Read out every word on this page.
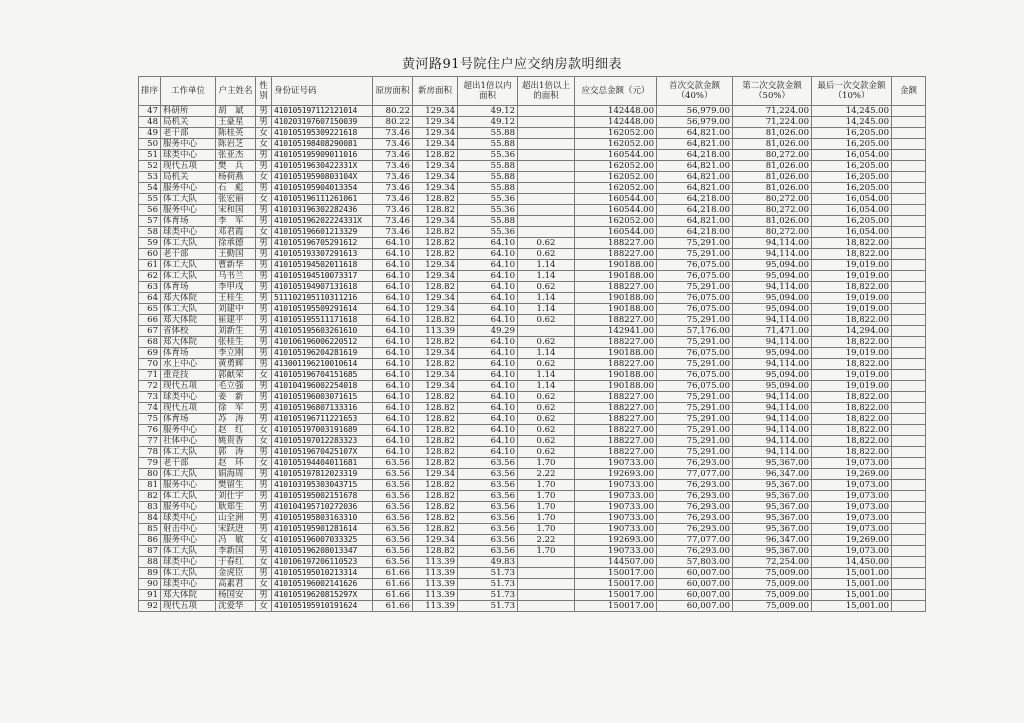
黄河路91号院住户应交纳房款明细表
排序	工作单位	户主姓名	性别	身份证号码	原房面积	新房面积	超出1倍以内面积	超出1倍以上的面积	应交总金额（元）	首次交款金额（40%）	第二次交款金额（50%）	最后一次交款金额（10%）	金额
47	科研所	胡　斌	男	410105197112121014	80.22	129.34	49.12		142448.00	56,979.00	71,224.00	14,245.00	
48	局机关	王豪星	男	410203197607150039	80.22	129.34	49.12		142448.00	56,979.00	71,224.00	14,245.00	
49	老干部	陈桂英	女	410105195309221618	73.46	129.34	55.88		162052.00	64,821.00	81,026.00	16,205.00	
50	服务中心	陈岩芝	女	410105198408290081	73.46	129.34	55.88		162052.00	64,821.00	81,026.00	16,205.00	
51	球类中心	张亚杰	男	410105195909011016	73.46	128.82	55.36		160544.00	64,218.00	80,272.00	16,054.00	
52	现代五项	樊　兵	男	41010519630422331X	73.46	129.34	55.88		162052.00	64,821.00	81,026.00	16,205.00	
53	局机关	杨荷燕	女	41010519590803104X	73.46	129.34	55.88		162052.00	64,821.00	81,026.00	16,205.00	
54	服务中心	石　彪	男	410105195904013354	73.46	129.34	55.88		162052.00	64,821.00	81,026.00	16,205.00	
55	体工大队	张宏丽	女	410105196111261061	73.46	128.82	55.36		160544.00	64,218.00	80,272.00	16,054.00	
56	服务中心	宋和国	男	410103196302282436	73.46	128.82	55.36		160544.00	64,218.00	80,272.00	16,054.00	
57	体育场	李　军	男	410105196202224331X	73.46	129.34	55.88		162052.00	64,821.00	81,026.00	16,205.00	
58	球类中心	邓君霞	女	410105196601213329	73.46	128.82	55.36		160544.00	64,218.00	80,272.00	16,054.00	
59	体工大队	徐承德	男	410105196705291612	64.10	128.82	64.10	0.62	188227.00	75,291.00	94,114.00	18,822.00	
60	老干部	王勤国	男	410105193307291613	64.10	128.82	64.10	0.62	188227.00	75,291.00	94,114.00	18,822.00	
61	体工大队	曹新华	男	410105194502011618	64.10	129.34	64.10	1.14	190188.00	76,075.00	95,094.00	19,019.00	
62	体工大队	马书兰	男	410105194510073317	64.10	129.34	64.10	1.14	190188.00	76,075.00	95,094.00	19,019.00	
63	体育场	李甲戌	男	410105194907131618	64.10	128.82	64.10	0.62	188227.00	75,291.00	94,114.00	18,822.00	
64	郑大体院	王桂生	男	511102195110311216	64.10	129.34	64.10	1.14	190188.00	76,075.00	95,094.00	19,019.00	
65	体工大队	刘建中	男	410105195509291614	64.10	129.34	64.10	1.14	190188.00	76,075.00	95,094.00	19,019.00	
66	郑大体院	崔建平	男	410105195511171618	64.10	128.82	64.10	0.62	188227.00	75,291.00	94,114.00	18,822.00	
67	省体校	刘新生	男	410105195603261610	64.10	113.39	49.29		142941.00	57,176.00	71,471.00	14,294.00	
68	郑大体院	张桂生	男	410106196006220512	64.10	128.82	64.10	0.62	188227.00	75,291.00	94,114.00	18,822.00	
69	体育场	李立刚	男	410105196204281619	64.10	129.34	64.10	1.14	190188.00	76,075.00	95,094.00	19,019.00	
70	水上中心	黄勇辉	男	413001196210010614	64.10	128.82	64.10	0.62	188227.00	75,291.00	94,114.00	18,822.00	
71	重竞技	郭献荣	女	410105196704151685	64.10	129.34	64.10	1.14	190188.00	76,075.00	95,094.00	19,019.00	
72	现代五项	毛立强	男	410104196002254018	64.10	129.34	64.10	1.14	190188.00	76,075.00	95,094.00	19,019.00	
73	球类中心	姜　新	男	410105196003071615	64.10	128.82	64.10	0.62	188227.00	75,291.00	94,114.00	18,822.00	
74	现代五项	徐　军	男	410105196807133316	64.10	128.82	64.10	0.62	188227.00	75,291.00	94,114.00	18,822.00	
75	体育场	苏　涛	男	410105196711221653	64.10	128.82	64.10	0.62	188227.00	75,291.00	94,114.00	18,822.00	
76	服务中心	赵　红	女	410105197003191689	64.10	128.82	64.10	0.62	188227.00	75,291.00	94,114.00	18,822.00	
77	社体中心	姚贵香	女	410105197012283323	64.10	128.82	64.10	0.62	188227.00	75,291.00	94,114.00	18,822.00	
78	体工大队	郭　涛	男	41010519670425107X	64.10	128.82	64.10	0.62	188227.00	75,291.00	94,114.00	18,822.00	
79	老干部	赵　环	女	410105194404011681	63.56	128.82	63.56	1.70	190733.00	76,293.00	95,367.00	19,073.00	
80	体工大队	娟海周	男	410105197812023319	63.56	129.34	63.56	2.22	192693.00	77,077.00	96,347.00	19,269.00	
81	服务中心	樊留生	男	410103195303043715	63.56	128.82	63.56	1.70	190733.00	76,293.00	95,367.00	19,073.00	
82	体工大队	刘仕宇	男	410105195002151678	63.56	128.82	63.56	1.70	190733.00	76,293.00	95,367.00	19,073.00	
83	服务中心	耿郑生	男	410104195710272036	63.56	128.82	63.56	1.70	190733.00	76,293.00	95,367.00	19,073.00	
84	球类中心	山全洲	男	410105195803163310	63.56	128.82	63.56	1.70	190733.00	76,293.00	95,367.00	19,073.00	
85	射击中心	宋跃进	男	410105195901281614	63.56	128.82	63.56	1.70	190733.00	76,293.00	95,367.00	19,073.00	
86	服务中心	冯　敏	女	410105196007033325	63.56	129.34	63.56	2.22	192693.00	77,077.00	96,347.00	19,269.00	
87	体工大队	李新国	男	410105196208013347	63.56	128.82	63.56	1.70	190733.00	76,293.00	95,367.00	19,073.00	
88	球类中心	于春红	女	410106197206110523	63.56	113.39	49.83		144507.00	57,803.00	72,254.00	14,450.00	
89	体工大队	金虎臣	男	410105195010213314	61.66	113.39	51.73		150017.00	60,007.00	75,009.00	15,001.00	
90	球类中心	高素君	女	410105196002141626	61.66	113.39	51.73		150017.00	60,007.00	75,009.00	15,001.00	
91	郑大体院	杨国安	男	41010519620815297X	61.66	113.39	51.73		150017.00	60,007.00	75,009.00	15,001.00	
92	现代五项	沈爱华	女	410105195910191624	61.66	113.39	51.73		150017.00	60,007.00	75,009.00	15,001.00	
